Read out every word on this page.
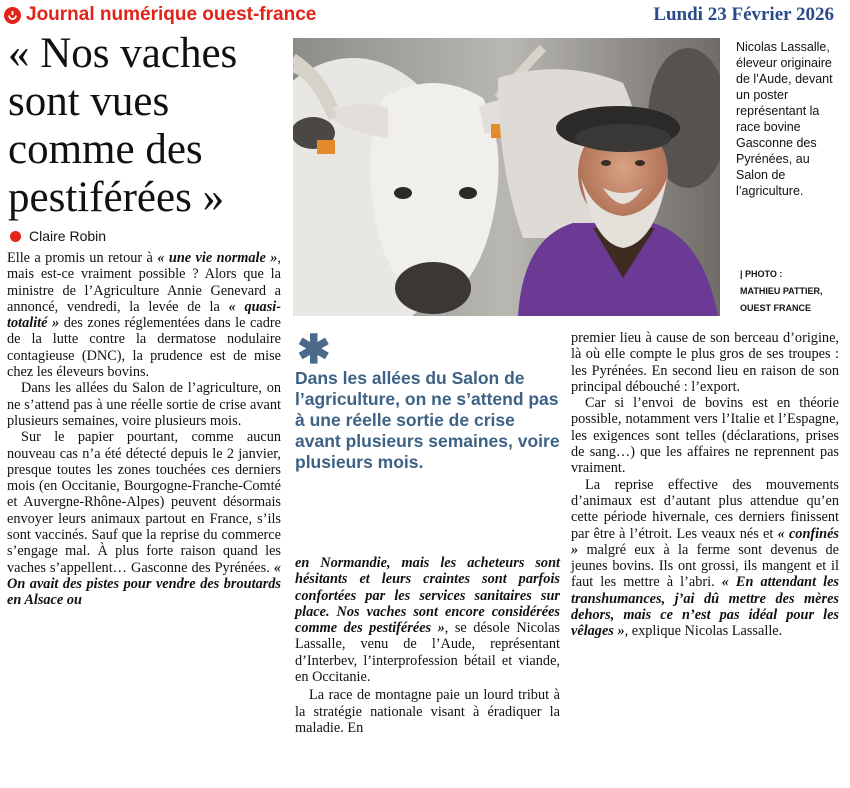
Journal numérique ouest-france	Lundi 23 Février 2026
« Nos vaches sont vues comme des pestiférées »
Claire Robin

Elle a promis un retour à « une vie normale », mais est-ce vraiment possible ? Alors que la ministre de l’Agriculture Annie Genevard a annoncé, vendredi, la levée de la « quasi-totalité » des zones réglementées dans le cadre de la lutte contre la dermatose nodulaire contagieuse (DNC), la prudence est de mise chez les éleveurs bovins.

Dans les allées du Salon de l’agriculture, on ne s’attend pas à une réelle sortie de crise avant plusieurs semaines, voire plusieurs mois.

Sur le papier pourtant, comme aucun nouveau cas n’a été détecté depuis le 2 janvier, presque toutes les zones touchées ces derniers mois (en Occitanie, Bourgogne-Franche-Comté et Auvergne-Rhône-Alpes) peuvent désormais envoyer leurs animaux partout en France, s’ils sont vaccinés. Sauf que la reprise du commerce s’engage mal. À plus forte raison quand les vaches s’appellent… Gasconne des Pyrénées. « On avait des pistes pour vendre des broutards en Alsace ou

Nicolas Lassalle, éleveur originaire de l’Aude, devant un poster représentant la race bovine Gasconne des Pyrénées, au Salon de l’agriculture.
| PHOTO :
MATHIEU PATTIER, OUEST FRANCE
✱
Dans les allées du Salon de l’agriculture, on ne s’attend pas à une réelle sortie de crise avant plusieurs semaines, voire plusieurs mois.

en Normandie, mais les acheteurs sont hésitants et leurs craintes sont parfois confortées par les services sanitaires sur place. Nos vaches sont encore considérées comme des pestiférées », se désole Nicolas Lassalle, venu de l’Aude, représentant d’Interbev, l’interprofession bétail et viande, en Occitanie.

La race de montagne paie un lourd tribut à la stratégie nationale visant à éradiquer la maladie. En

premier lieu à cause de son berceau d’origine, là où elle compte le plus gros de ses troupes : les Pyrénées. En second lieu en raison de son principal débouché : l’export.

Car si l’envoi de bovins est en théorie possible, notamment vers l’Italie et l’Espagne, les exigences sont telles (déclarations, prises de sang…) que les affaires ne reprennent pas vraiment.

La reprise effective des mouvements d’animaux est d’autant plus attendue qu’en cette période hivernale, ces derniers finissent par être à l’étroit. Les veaux nés et « confinés » malgré eux à la ferme sont devenus de jeunes bovins. Ils ont grossi, ils mangent et il faut les mettre à l’abri. « En attendant les transhumances, j’ai dû mettre des mères dehors, mais ce n’est pas idéal pour les vêlages », explique Nicolas Lassalle.
